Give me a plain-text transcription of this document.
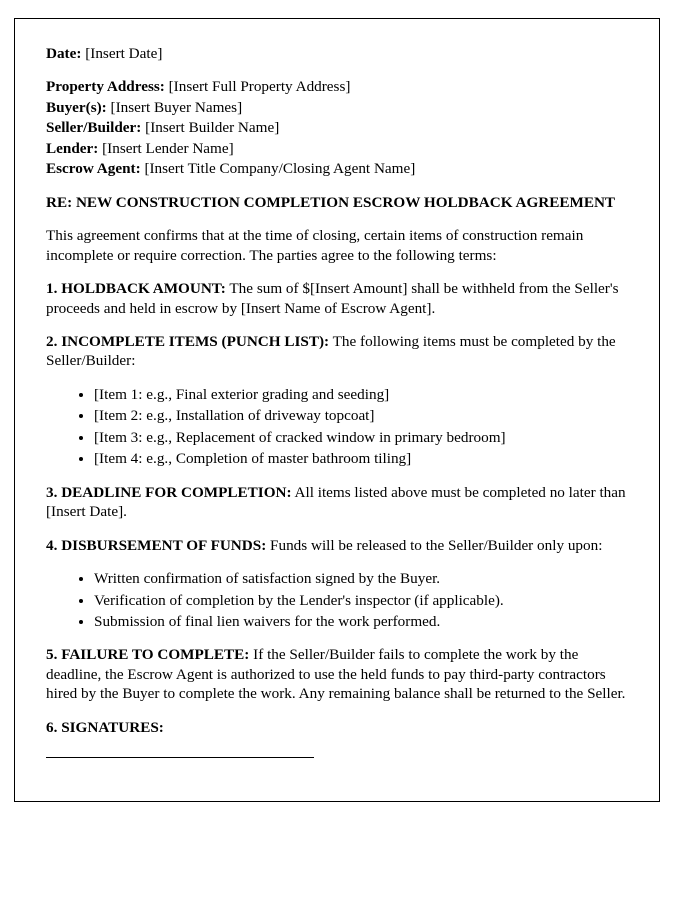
Date: [Insert Date]

Property Address: [Insert Full Property Address]

Buyer(s): [Insert Buyer Names]

Seller/Builder: [Insert Builder Name]

Lender: [Insert Lender Name]

Escrow Agent: [Insert Title Company/Closing Agent Name]

RE: NEW CONSTRUCTION COMPLETION ESCROW HOLDBACK AGREEMENT

This agreement confirms that at the time of closing, certain items of construction remain incomplete or require correction. The parties agree to the following terms:

1. HOLDBACK AMOUNT: The sum of $[Insert Amount] shall be withheld from the Seller's proceeds and held in escrow by [Insert Name of Escrow Agent].

2. INCOMPLETE ITEMS (PUNCH LIST): The following items must be completed by the Seller/Builder:

• [Item 1: e.g., Final exterior grading and seeding]
• [Item 2: e.g., Installation of driveway topcoat]
• [Item 3: e.g., Replacement of cracked window in primary bedroom]
• [Item 4: e.g., Completion of master bathroom tiling]

3. DEADLINE FOR COMPLETION: All items listed above must be completed no later than [Insert Date].

4. DISBURSEMENT OF FUNDS: Funds will be released to the Seller/Builder only upon:

• Written confirmation of satisfaction signed by the Buyer.
• Verification of completion by the Lender's inspector (if applicable).
• Submission of final lien waivers for the work performed.

5. FAILURE TO COMPLETE: If the Seller/Builder fails to complete the work by the deadline, the Escrow Agent is authorized to use the held funds to pay third-party contractors hired by the Buyer to complete the work. Any remaining balance shall be returned to the Seller.

6. SIGNATURES:
